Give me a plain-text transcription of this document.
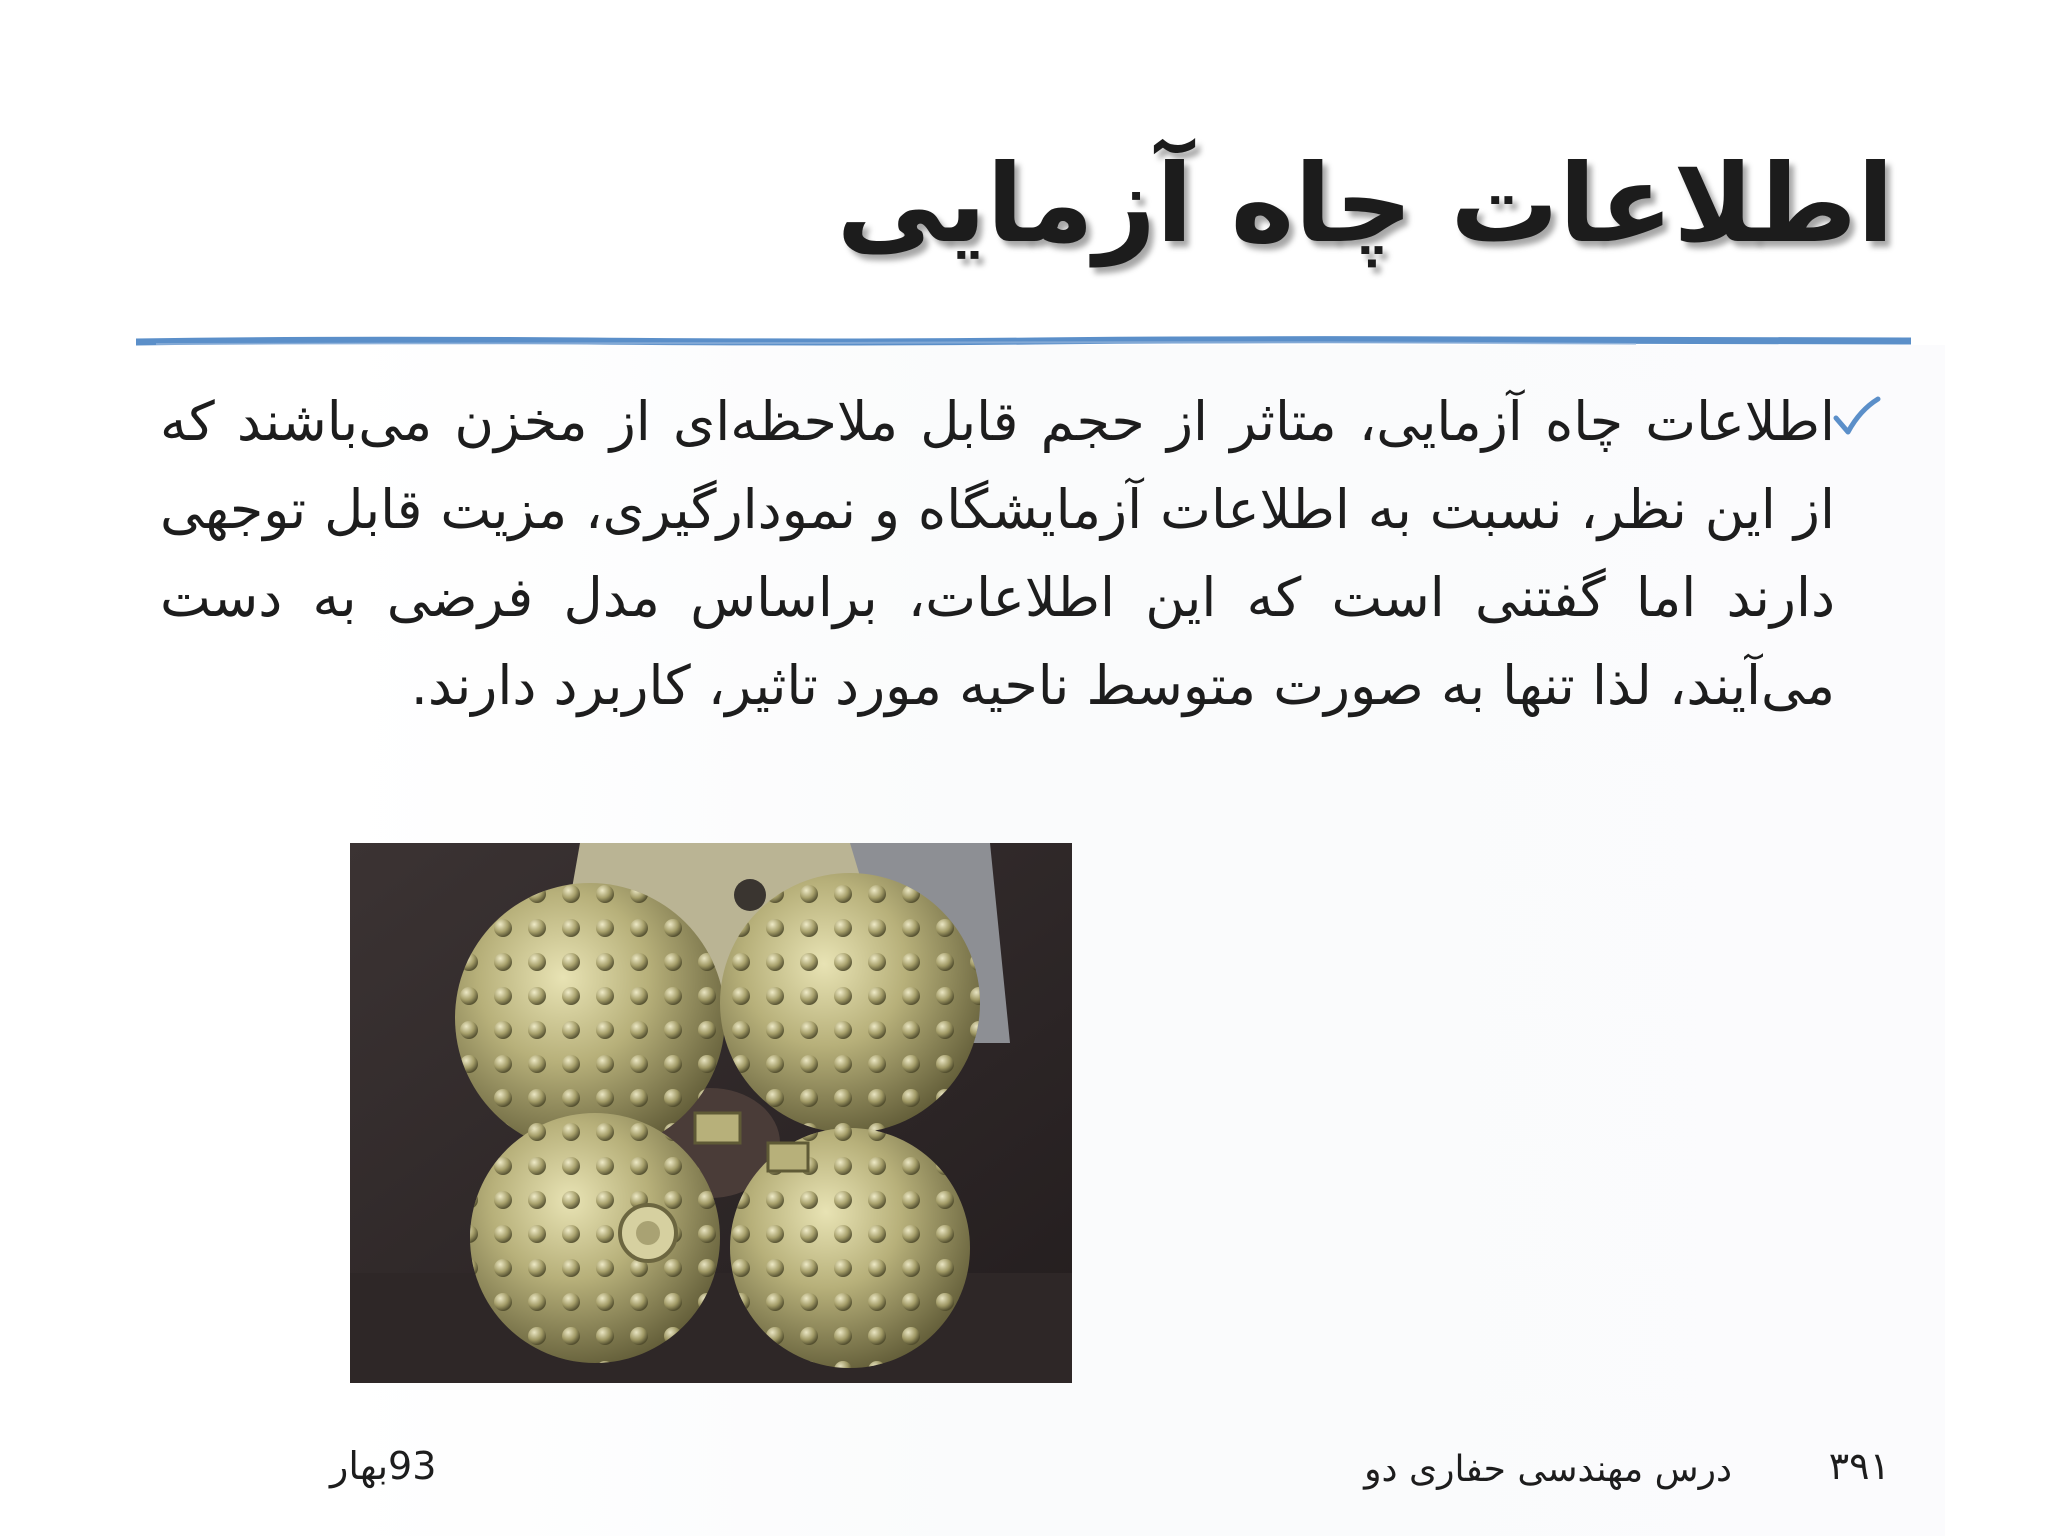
اطلاعات چاه آزمایی
اطلاعات چاه آزمایی، متاثر از حجم قابل ملاحظه‌ای از مخزن می‌باشند که از این نظر، نسبت به اطلاعات آزمایشگاه و نمودارگیری، مزیت قابل توجهی دارند اما گفتنی است که این اطلاعات، براساس مدل فرضی به دست می‌آیند، لذا تنها به صورت متوسط ناحیه مورد تاثیر، کاربرد دارند.
93بهار	درس مهندسی حفاری دو	۳۹۱
